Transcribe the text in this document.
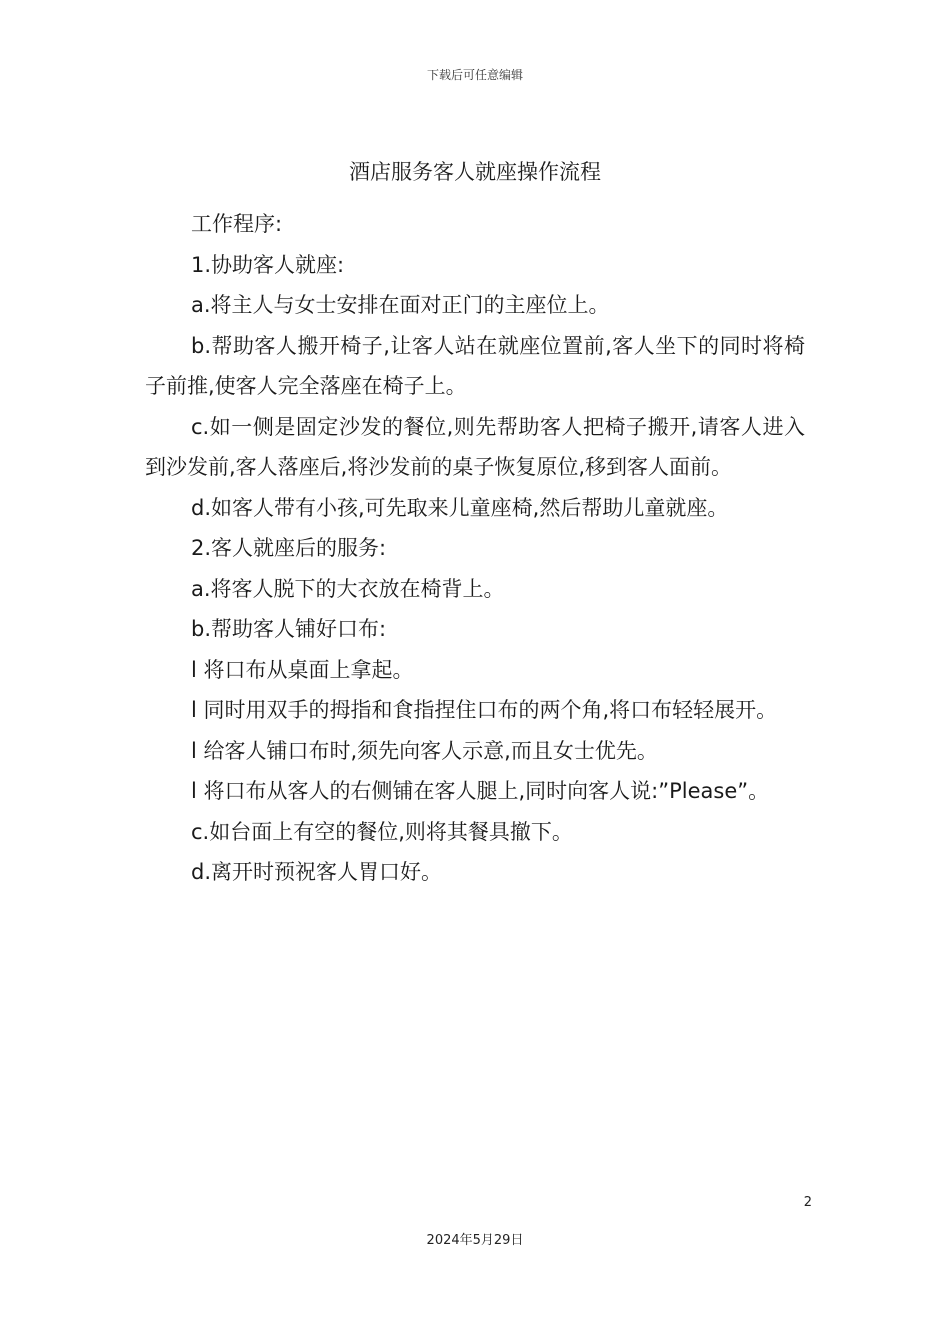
下载后可任意编辑
酒店服务客人就座操作流程

工作程序:

1.协助客人就座:

a.将主人与女士安排在面对正门的主座位上。

b.帮助客人搬开椅子,让客人站在就座位置前,客人坐下的同时将椅子前推,使客人完全落座在椅子上。

c.如一侧是固定沙发的餐位,则先帮助客人把椅子搬开,请客人进入到沙发前,客人落座后,将沙发前的桌子恢复原位,移到客人面前。

d.如客人带有小孩,可先取来儿童座椅,然后帮助儿童就座。

2.客人就座后的服务:

a.将客人脱下的大衣放在椅背上。

b.帮助客人铺好口布:

l 将口布从桌面上拿起。

l 同时用双手的拇指和食指捏住口布的两个角,将口布轻轻展开。

l 给客人铺口布时,须先向客人示意,而且女士优先。

l 将口布从客人的右侧铺在客人腿上,同时向客人说:”Please”。

c.如台面上有空的餐位,则将其餐具撤下。

d.离开时预祝客人胃口好。

2
2024年5月29日
